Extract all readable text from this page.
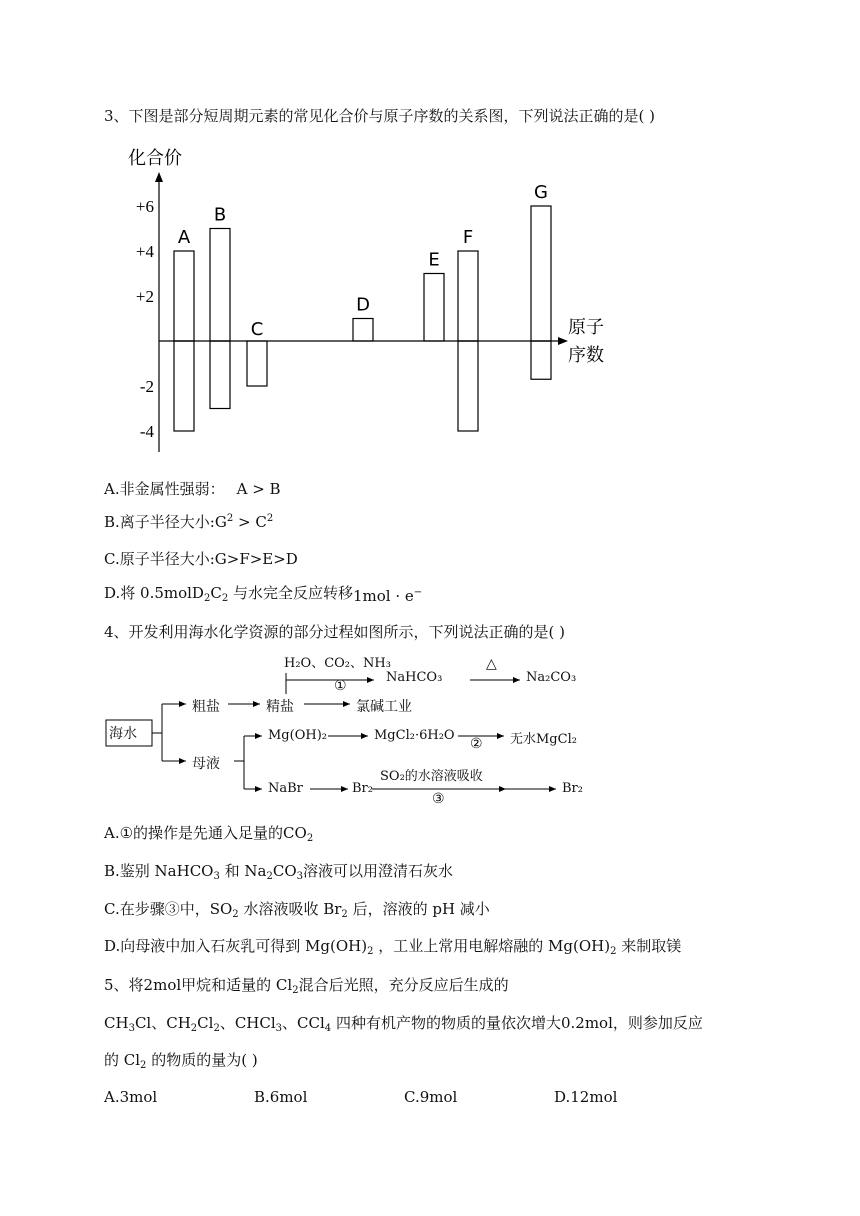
3、下图是部分短周期元素的常见化合价与原子序数的关系图，下列说法正确的是( )
化合价
原子
序数
+6
+4
+2
-2
-4
A
B
C
D
E
F
G
A.非金属性强弱： A > B
B.离子半径大小$:G^2 > C^2$
C.原子半径大小:G>F>E>D
D.将 $0.5molD_2C_2$ 与水完全反应转移1mol · e−
4、开发利用海水化学资源的部分过程如图所示，下列说法正确的是( )
海水
粗盐	精盐	氯碱工业
H₂O、CO₂、NH₃
①
NaHCO₃
△
Na₂CO₃
母液
Mg(OH)₂	MgCl₂·6H₂O
② 无水MgCl₂
NaBr	Br₂
SO₂的水溶液吸收
③
Br₂
A.①的操作是先通入足量的$CO_2$
B.鉴别 NaHCO$_3$ 和 $Na_2CO_3$溶液可以用澄清石灰水
C.在步骤③中，$SO_2$ 水溶液吸收 $Br_2$ 后，溶液的 pH 减小
D.向母液中加入石灰乳可得到 $Mg(OH)_2$ ，工业上常用电解熔融的 $Mg(OH)_2$ 来制取镁
5、将2mol甲烷和适量的 $Cl_2$混合后光照，充分反应后生成的
$CH_3Cl$、$CH_2Cl_2$、CHCl$_3$、CCl$_4$ 四种有机产物的物质的量依次增大0.2mol，则参加反应
的 $Cl_2$ 的物质的量为( )
A.3mol	B.6mol	C.9mol	D.12mol
